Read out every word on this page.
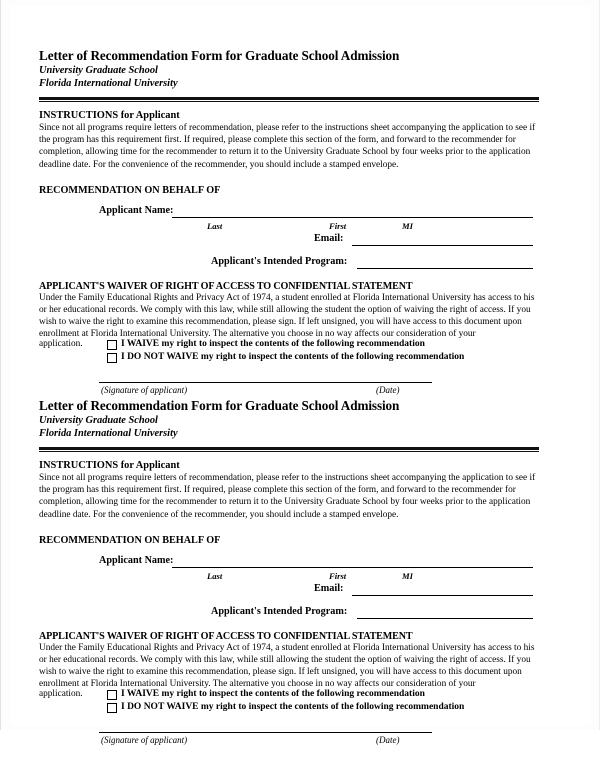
Letter of Recommendation Form for Graduate School Admission
University Graduate School
Florida International University
INSTRUCTIONS for Applicant
Since not all programs require letters of recommendation, please refer to the instructions sheet accompanying the application to see if the program has this requirement first. If required, please complete this section of the form, and forward to the recommender for completion, allowing time for the recommender to return it to the University Graduate School by four weeks prior to the application deadline date. For the convenience of the recommender, you should include a stamped envelope.
RECOMMENDATION ON BEHALF OF
Applicant Name:
Last	First	MI
Email:
Applicant's Intended Program:
APPLICANT'S WAIVER OF RIGHT OF ACCESS TO CONFIDENTIAL STATEMENT
Under the Family Educational Rights and Privacy Act of 1974, a student enrolled at Florida International University has access to his or her educational records. We comply with this law, while still allowing the student the option of waiving the right of access. If you wish to waive the right to examine this recommendation, please sign. If left unsigned, you will have access to this document upon enrollment at Florida International University. The alternative you choose in no way affects our consideration of your
application.	I WAIVE my right to inspect the contents of the following recommendation
I DO NOT WAIVE my right to inspect the contents of the following recommendation
(Signature of applicant)	(Date)
Letter of Recommendation Form for Graduate School Admission
University Graduate School
Florida International University
INSTRUCTIONS for Applicant
Since not all programs require letters of recommendation, please refer to the instructions sheet accompanying the application to see if the program has this requirement first. If required, please complete this section of the form, and forward to the recommender for completion, allowing time for the recommender to return it to the University Graduate School by four weeks prior to the application deadline date. For the convenience of the recommender, you should include a stamped envelope.
RECOMMENDATION ON BEHALF OF
Applicant Name:
Last	First	MI
Email:
Applicant's Intended Program:
APPLICANT'S WAIVER OF RIGHT OF ACCESS TO CONFIDENTIAL STATEMENT
Under the Family Educational Rights and Privacy Act of 1974, a student enrolled at Florida International University has access to his or her educational records. We comply with this law, while still allowing the student the option of waiving the right of access. If you wish to waive the right to examine this recommendation, please sign. If left unsigned, you will have access to this document upon enrollment at Florida International University. The alternative you choose in no way affects our consideration of your
application.	I WAIVE my right to inspect the contents of the following recommendation
I DO NOT WAIVE my right to inspect the contents of the following recommendation
(Signature of applicant)	(Date)
